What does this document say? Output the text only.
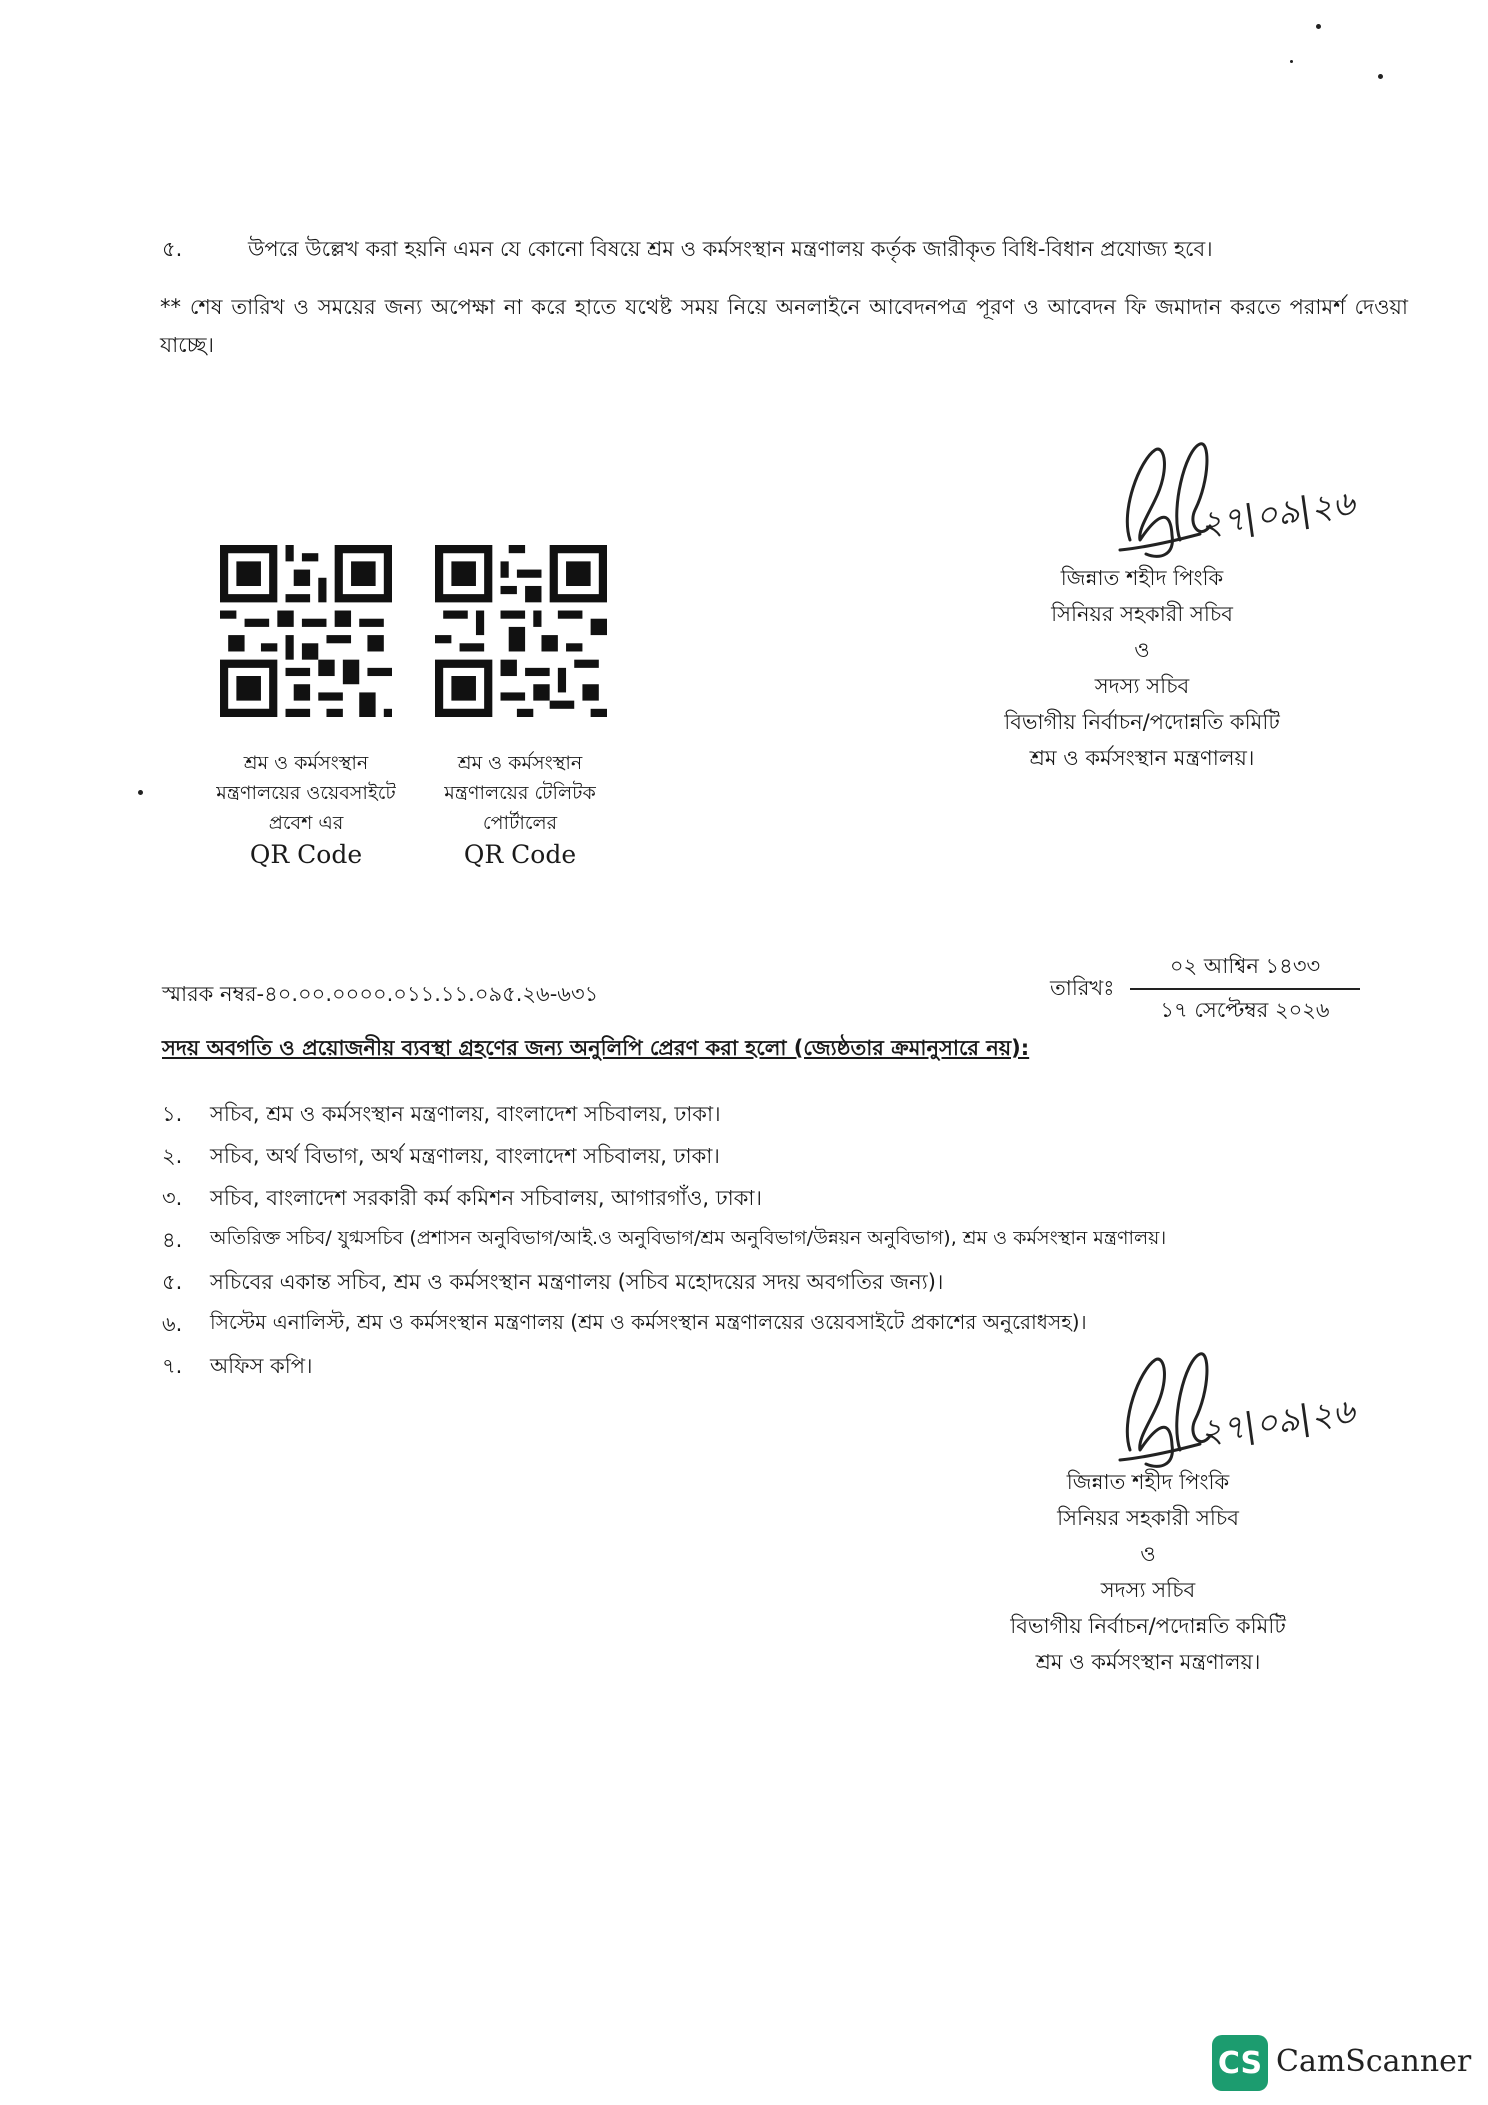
৫.	উপরে উল্লেখ করা হয়নি এমন যে কোনো বিষয়ে শ্রম ও কর্মসংস্থান মন্ত্রণালয় কর্তৃক জারীকৃত বিধি-বিধান প্রযোজ্য হবে।
** শেষ তারিখ ও সময়ের জন্য অপেক্ষা না করে হাতে যথেষ্ট সময় নিয়ে অনলাইনে আবেদনপত্র পূরণ ও আবেদন ফি জমাদান করতে পরামর্শ দেওয়া যাচ্ছে।
শ্রম ও কর্মসংস্থান
মন্ত্রণালয়ের ওয়েবসাইটে
প্রবেশ এর
QR Code
শ্রম ও কর্মসংস্থান
মন্ত্রণালয়ের টেলিটক
পোর্টালের
QR Code
২৭|০৯|২৬
জিন্নাত শহীদ পিংকি
সিনিয়র সহকারী সচিব
ও
সদস্য সচিব
বিভাগীয় নির্বাচন/পদোন্নতি কমিটি
শ্রম ও কর্মসংস্থান মন্ত্রণালয়।
স্মারক নম্বর-৪০.০০.০০০০.০১১.১১.০৯৫.২৬-৬৩১	তারিখঃ
০২ আশ্বিন ১৪৩৩
১৭ সেপ্টেম্বর ২০২৬
সদয় অবগতি ও প্রয়োজনীয় ব্যবস্থা গ্রহণের জন্য অনুলিপি প্রেরণ করা হলো (জ্যেষ্ঠতার ক্রমানুসারে নয়):
১.	সচিব, শ্রম ও কর্মসংস্থান মন্ত্রণালয়, বাংলাদেশ সচিবালয়, ঢাকা।
২.	সচিব, অর্থ বিভাগ, অর্থ মন্ত্রণালয়, বাংলাদেশ সচিবালয়, ঢাকা।
৩.	সচিব, বাংলাদেশ সরকারী কর্ম কমিশন সচিবালয়, আগারগাঁও, ঢাকা।
৪.	অতিরিক্ত সচিব/ যুগ্মসচিব (প্রশাসন অনুবিভাগ/আই.ও অনুবিভাগ/শ্রম অনুবিভাগ/উন্নয়ন অনুবিভাগ), শ্রম ও কর্মসংস্থান মন্ত্রণালয়।
৫.	সচিবের একান্ত সচিব, শ্রম ও কর্মসংস্থান মন্ত্রণালয় (সচিব মহোদয়ের সদয় অবগতির জন্য)।
৬.	সিস্টেম এনালিস্ট, শ্রম ও কর্মসংস্থান মন্ত্রণালয় (শ্রম ও কর্মসংস্থান মন্ত্রণালয়ের ওয়েবসাইটে প্রকাশের অনুরোধসহ)।
৭.	অফিস কপি।
২৭|০৯|২৬
জিন্নাত শহীদ পিংকি
সিনিয়র সহকারী সচিব
ও
সদস্য সচিব
বিভাগীয় নির্বাচন/পদোন্নতি কমিটি
শ্রম ও কর্মসংস্থান মন্ত্রণালয়।
CS CamScanner
